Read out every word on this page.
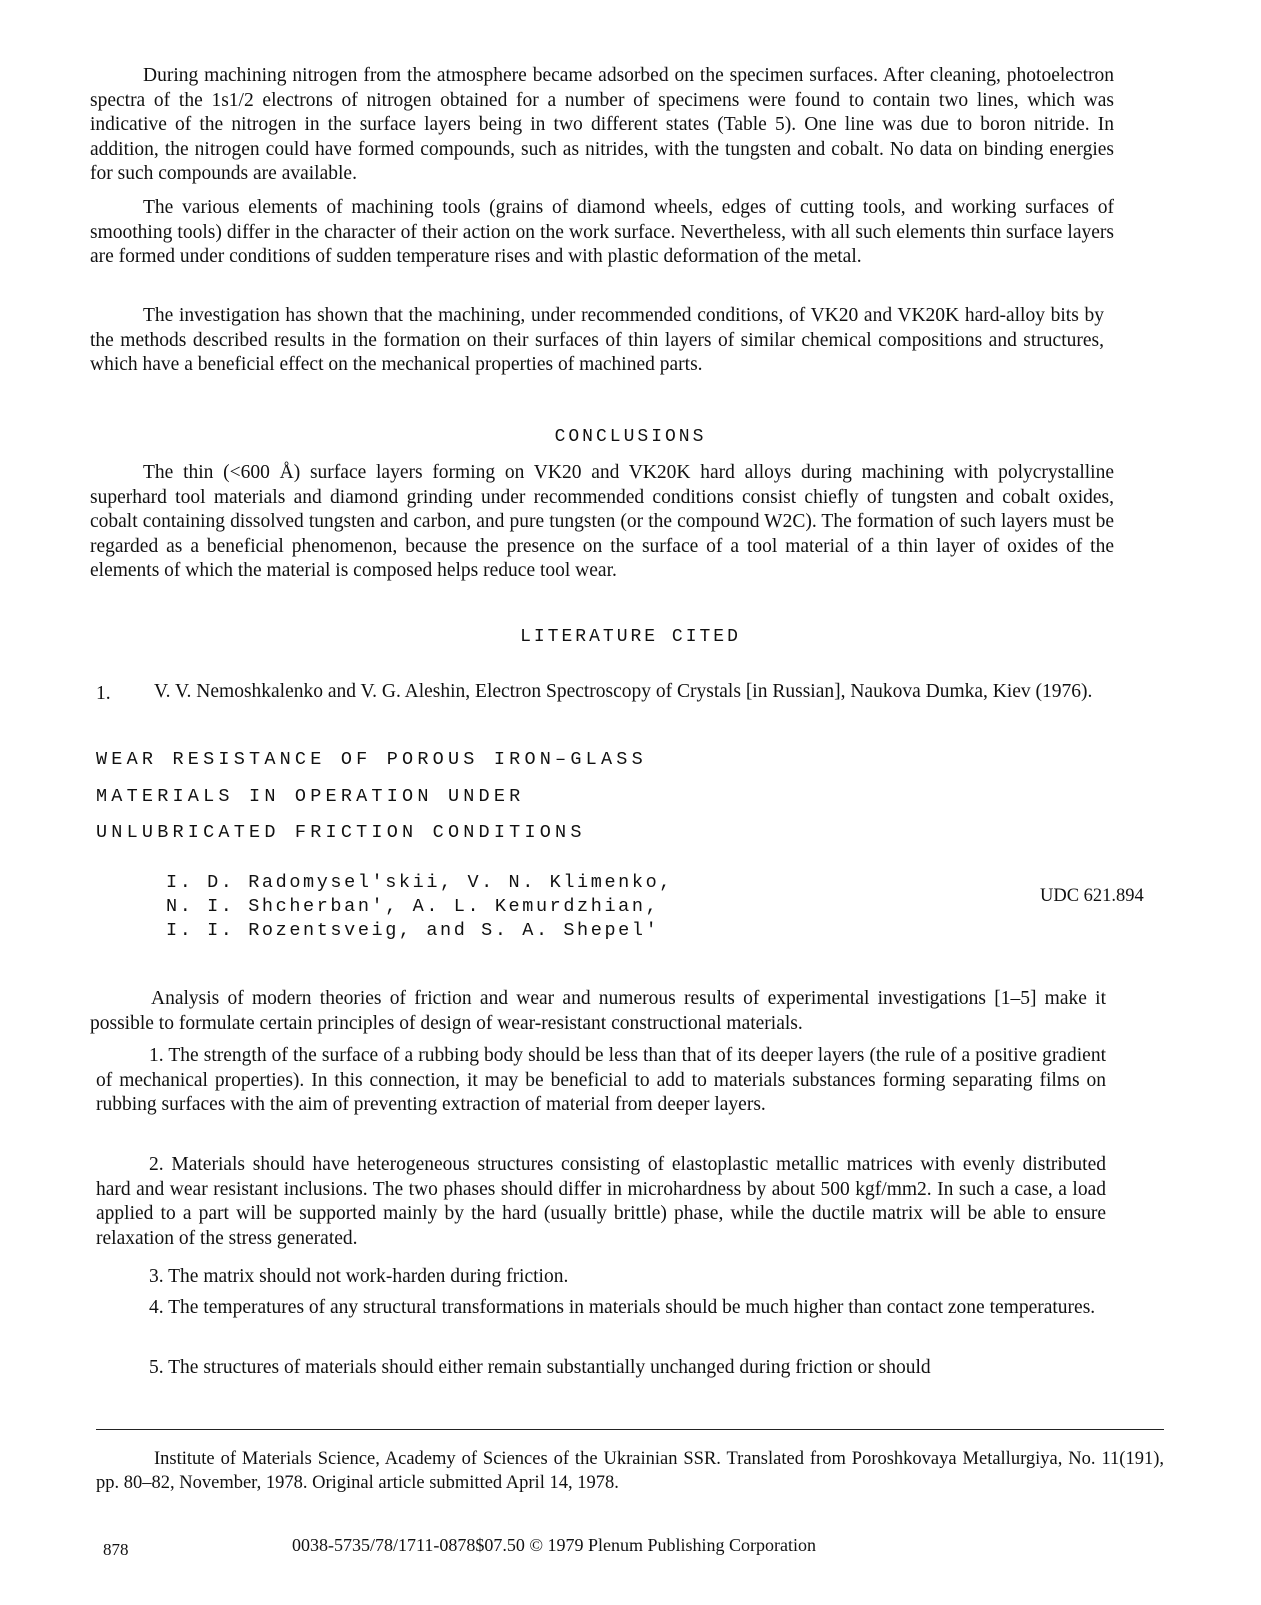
During machining nitrogen from the atmosphere became adsorbed on the specimen surfaces. After cleaning, photoelectron spectra of the 1s1/2 electrons of nitrogen obtained for a number of specimens were found to contain two lines, which was indicative of the nitrogen in the surface layers being in two different states (Table 5). One line was due to boron nitride. In addition, the nitrogen could have formed compounds, such as nitrides, with the tungsten and cobalt. No data on binding energies for such compounds are available.

The various elements of machining tools (grains of diamond wheels, edges of cutting tools, and working surfaces of smoothing tools) differ in the character of their action on the work surface. Nevertheless, with all such elements thin surface layers are formed under conditions of sudden temperature rises and with plastic deformation of the metal.

The investigation has shown that the machining, under recommended conditions, of VK20 and VK20K hard-alloy bits by the methods described results in the formation on their surfaces of thin layers of similar chemical compositions and structures, which have a beneficial effect on the mechanical properties of machined parts.

CONCLUSIONS

The thin (<600 Å) surface layers forming on VK20 and VK20K hard alloys during machining with polycrystalline superhard tool materials and diamond grinding under recommended conditions consist chiefly of tungsten and cobalt oxides, cobalt containing dissolved tungsten and carbon, and pure tungsten (or the compound W2C). The formation of such layers must be regarded as a beneficial phenomenon, because the presence on the surface of a tool material of a thin layer of oxides of the elements of which the material is composed helps reduce tool wear.

LITERATURE CITED

1. V. V. Nemoshkalenko and V. G. Aleshin, Electron Spectroscopy of Crystals [in Russian], Naukova Dumka, Kiev (1976).

WEAR RESISTANCE OF POROUS IRON–GLASS

MATERIALS IN OPERATION UNDER

UNLUBRICATED FRICTION CONDITIONS

I. D. Radomysel'skii, V. N. Klimenko,

N. I. Shcherban', A. L. Kemurdzhian,

I. I. Rozentsveig, and S. A. Shepel'

UDC 621.894

Analysis of modern theories of friction and wear and numerous results of experimental investigations [1–5] make it possible to formulate certain principles of design of wear-resistant constructional materials.

1. The strength of the surface of a rubbing body should be less than that of its deeper layers (the rule of a positive gradient of mechanical properties). In this connection, it may be beneficial to add to materials substances forming separating films on rubbing surfaces with the aim of preventing extraction of material from deeper layers.

2. Materials should have heterogeneous structures consisting of elastoplastic metallic matrices with evenly distributed hard and wear resistant inclusions. The two phases should differ in microhardness by about 500 kgf/mm2. In such a case, a load applied to a part will be supported mainly by the hard (usually brittle) phase, while the ductile matrix will be able to ensure relaxation of the stress generated.

3. The matrix should not work-harden during friction.

4. The temperatures of any structural transformations in materials should be much higher than contact zone temperatures.

5. The structures of materials should either remain substantially unchanged during friction or should

Institute of Materials Science, Academy of Sciences of the Ukrainian SSR. Translated from Poroshkovaya Metallurgiya, No. 11(191), pp. 80–82, November, 1978. Original article submitted April 14, 1978.

878	0038-5735/78/1711-0878$07.50 © 1979 Plenum Publishing Corporation
